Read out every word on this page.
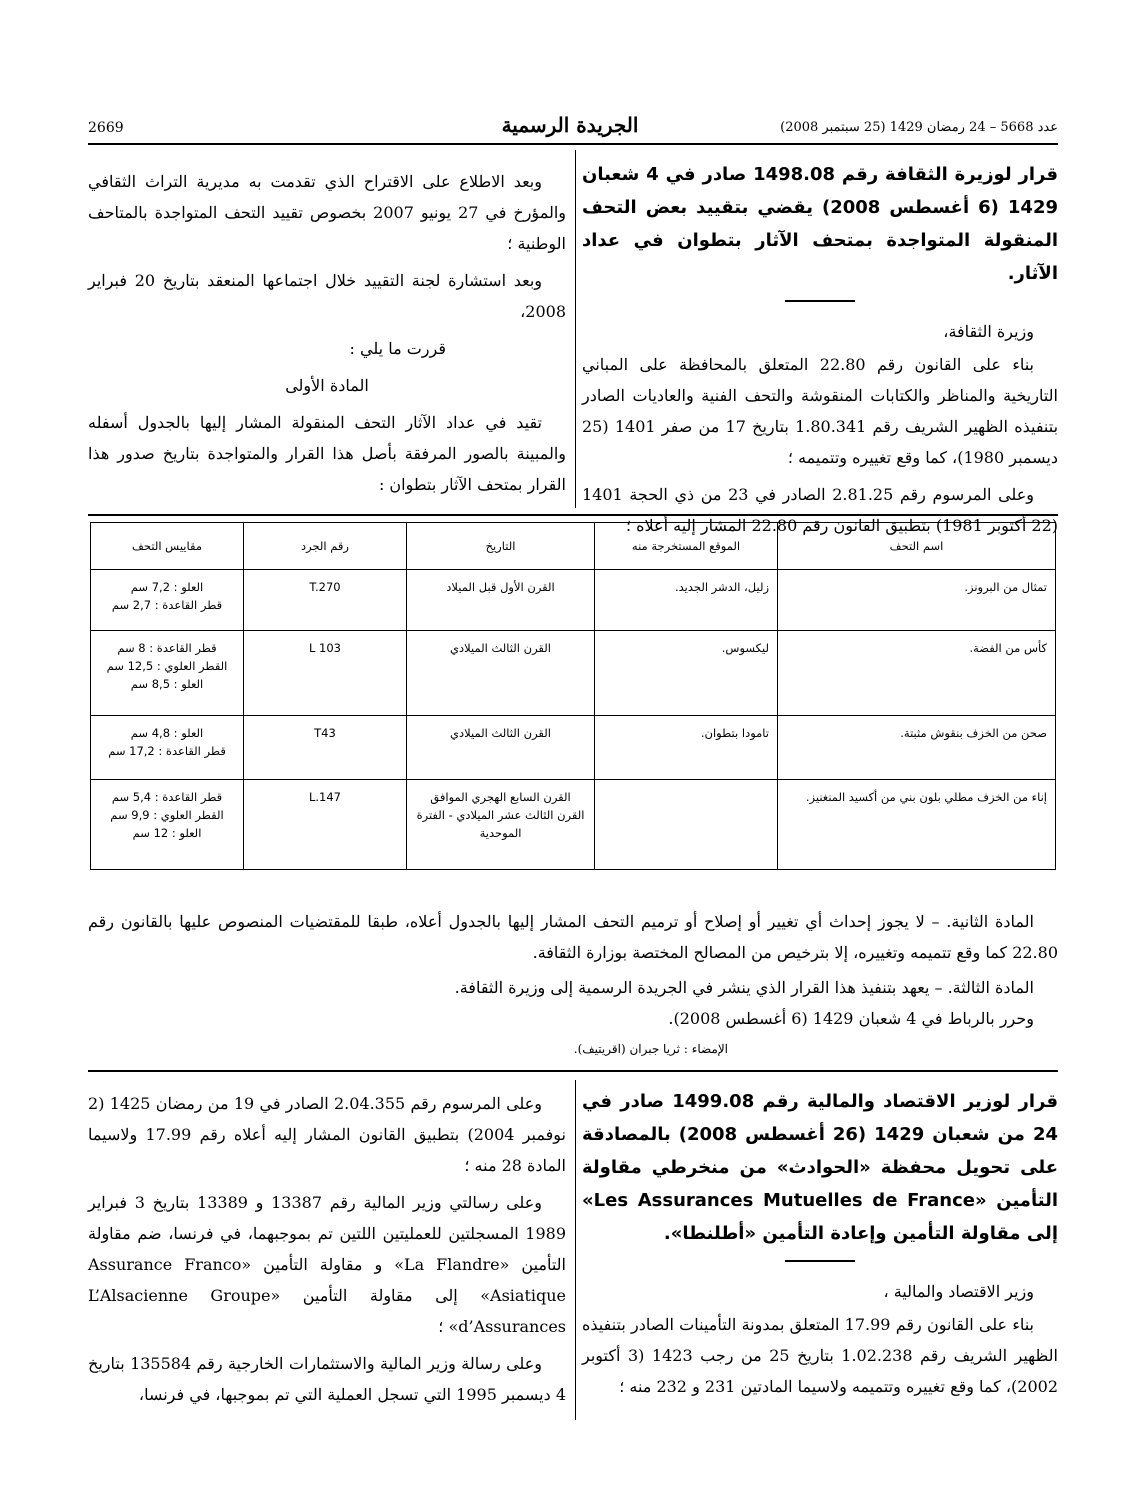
عدد 5668 – 24 رمضان 1429 (25 سبتمبر 2008)
الجريدة الرسمية
2669
قرار لوزيرة الثقافة رقم 1498.08 صادر في 4 شعبان 1429 (6 أغسطس 2008) يقضي بتقييد بعض التحف المنقولة المتواجدة بمتحف الآثار بتطوان في عداد الآثار.

وزيرة الثقافة،

بناء على القانون رقم 22.80 المتعلق بالمحافظة على المباني التاريخية والمناظر والكتابات المنقوشة والتحف الفنية والعاديات الصادر بتنفيذه الظهير الشريف رقم 1.80.341 بتاريخ 17 من صفر 1401 (25 ديسمبر 1980)، كما وقع تغييره وتتميمه ؛

وعلى المرسوم رقم 2.81.25 الصادر في 23 من ذي الحجة 1401 (22 أكتوبر 1981) بتطبيق القانون رقم 22.80 المشار إليه أعلاه ؛

وبعد الاطلاع على الاقتراح الذي تقدمت به مديرية التراث الثقافي والمؤرخ في 27 يونيو 2007 بخصوص تقييد التحف المتواجدة بالمتاحف الوطنية ؛

وبعد استشارة لجنة التقييد خلال اجتماعها المنعقد بتاريخ 20 فبراير 2008،

قررت ما يلي :

المادة الأولى

تقيد في عداد الآثار التحف المنقولة المشار إليها بالجدول أسفله والمبينة بالصور المرفقة بأصل هذا القرار والمتواجدة بتاريخ صدور هذا القرار بمتحف الآثار بتطوان :

اسم التحف	الموقع المستخرجة منه	التاريخ	رقم الجرد	مقاييس التحف
تمثال من البرونز.	زليل، الدشر الجديد.	القرن الأول قبل الميلاد	T.270	العلو : 7,2 سم
قطر القاعدة : 2,7 سم

كأس من الفضة.	ليكسوس.	القرن الثالث الميلادي	L 103	قطر القاعدة : 8 سم
القطر العلوي : 12,5 سم
العلو : 8,5 سم

صحن من الخزف بنقوش مثبتة.	تامودا بتطوان.	القرن الثالث الميلادي	T43	العلو : 4,8 سم
قطر القاعدة : 17,2 سم

إناء من الخزف مطلي بلون بني من أكسيد المنغنيز.		القرن السابع الهجري الموافق القرن الثالث عشر الميلادي - الفترة الموحدية	L.147	قطر القاعدة : 5,4 سم
القطر العلوي : 9,9 سم
العلو : 12 سم

المادة الثانية. – لا يجوز إحداث أي تغيير أو إصلاح أو ترميم التحف المشار إليها بالجدول أعلاه، طبقا للمقتضيات المنصوص عليها بالقانون رقم 22.80 كما وقع تتميمه وتغييره، إلا بترخيص من المصالح المختصة بوزارة الثقافة.

المادة الثالثة. – يعهد بتنفيذ هذا القرار الذي ينشر في الجريدة الرسمية إلى وزيرة الثقافة.

وحرر بالرباط في 4 شعبان 1429 (6 أغسطس 2008).

الإمضاء : ثريا جبران (اقريتيف).
قرار لوزير الاقتصاد والمالية رقم 1499.08 صادر في 24 من شعبان 1429 (26 أغسطس 2008) بالمصادقة على تحويل محفظة «الحوادث» من منخرطي مقاولة التأمين «Les Assurances Mutuelles de France» إلى مقاولة التأمين وإعادة التأمين «أطلنطا».

وزير الاقتصاد والمالية ،

بناء على القانون رقم 17.99 المتعلق بمدونة التأمينات الصادر بتنفيذه الظهير الشريف رقم 1.02.238 بتاريخ 25 من رجب 1423 (3 أكتوبر 2002)، كما وقع تغييره وتتميمه ولاسيما المادتين 231 و 232 منه ؛

وعلى المرسوم رقم 2.04.355 الصادر في 19 من رمضان 1425 (2 نوفمبر 2004) بتطبيق القانون المشار إليه أعلاه رقم 17.99 ولاسيما المادة 28 منه ؛

وعلى رسالتي وزير المالية رقم 13387 و 13389 بتاريخ 3 فبراير 1989 المسجلتين للعمليتين اللتين تم بموجبهما، في فرنسا، ضم مقاولة التأمين «La Flandre» و مقاولة التأمين «Assurance Franco Asiatique» إلى مقاولة التأمين «L’Alsacienne Groupe d’Assurances» ؛

وعلى رسالة وزير المالية والاستثمارات الخارجية رقم 135584 بتاريخ 4 ديسمبر 1995 التي تسجل العملية التي تم بموجبها، في فرنسا،
